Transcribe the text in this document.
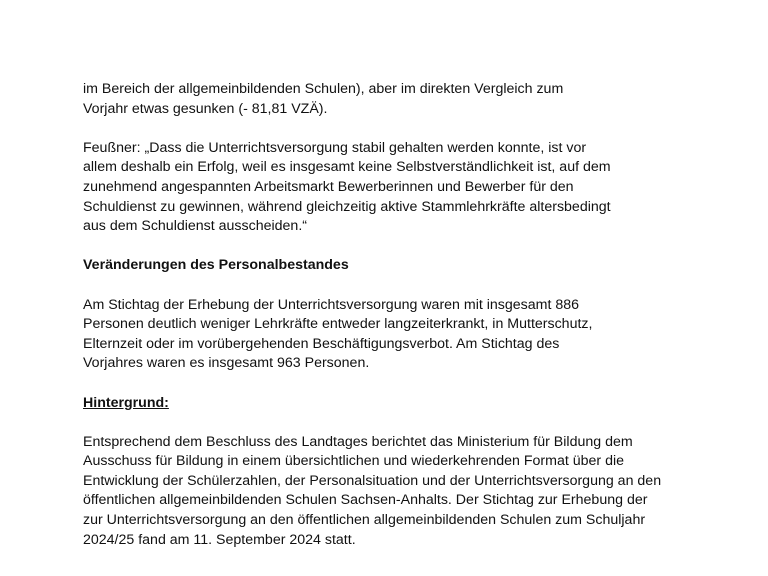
im Bereich der allgemeinbildenden Schulen), aber im direkten Vergleich zum
Vorjahr etwas gesunken (- 81,81 VZÄ).

Feußner: „Dass die Unterrichtsversorgung stabil gehalten werden konnte, ist vor
allem deshalb ein Erfolg, weil es insgesamt keine Selbstverständlichkeit ist, auf dem
zunehmend angespannten Arbeitsmarkt Bewerberinnen und Bewerber für den
Schuldienst zu gewinnen, während gleichzeitig aktive Stammlehrkräfte altersbedingt
aus dem Schuldienst ausscheiden.“

Veränderungen des Personalbestandes

Am Stichtag der Erhebung der Unterrichtsversorgung waren mit insgesamt 886
Personen deutlich weniger Lehrkräfte entweder langzeiterkrankt, in Mutterschutz,
Elternzeit oder im vorübergehenden Beschäftigungsverbot. Am Stichtag des
Vorjahres waren es insgesamt 963 Personen.

Hintergrund:

Entsprechend dem Beschluss des Landtages berichtet das Ministerium für Bildung dem
Ausschuss für Bildung in einem übersichtlichen und wiederkehrenden Format über die
Entwicklung der Schülerzahlen, der Personalsituation und der Unterrichtsversorgung an den
öffentlichen allgemeinbildenden Schulen Sachsen-Anhalts. Der Stichtag zur Erhebung der
zur Unterrichtsversorgung an den öffentlichen allgemeinbildenden Schulen zum Schuljahr
2024/25 fand am 11. September 2024 statt.
